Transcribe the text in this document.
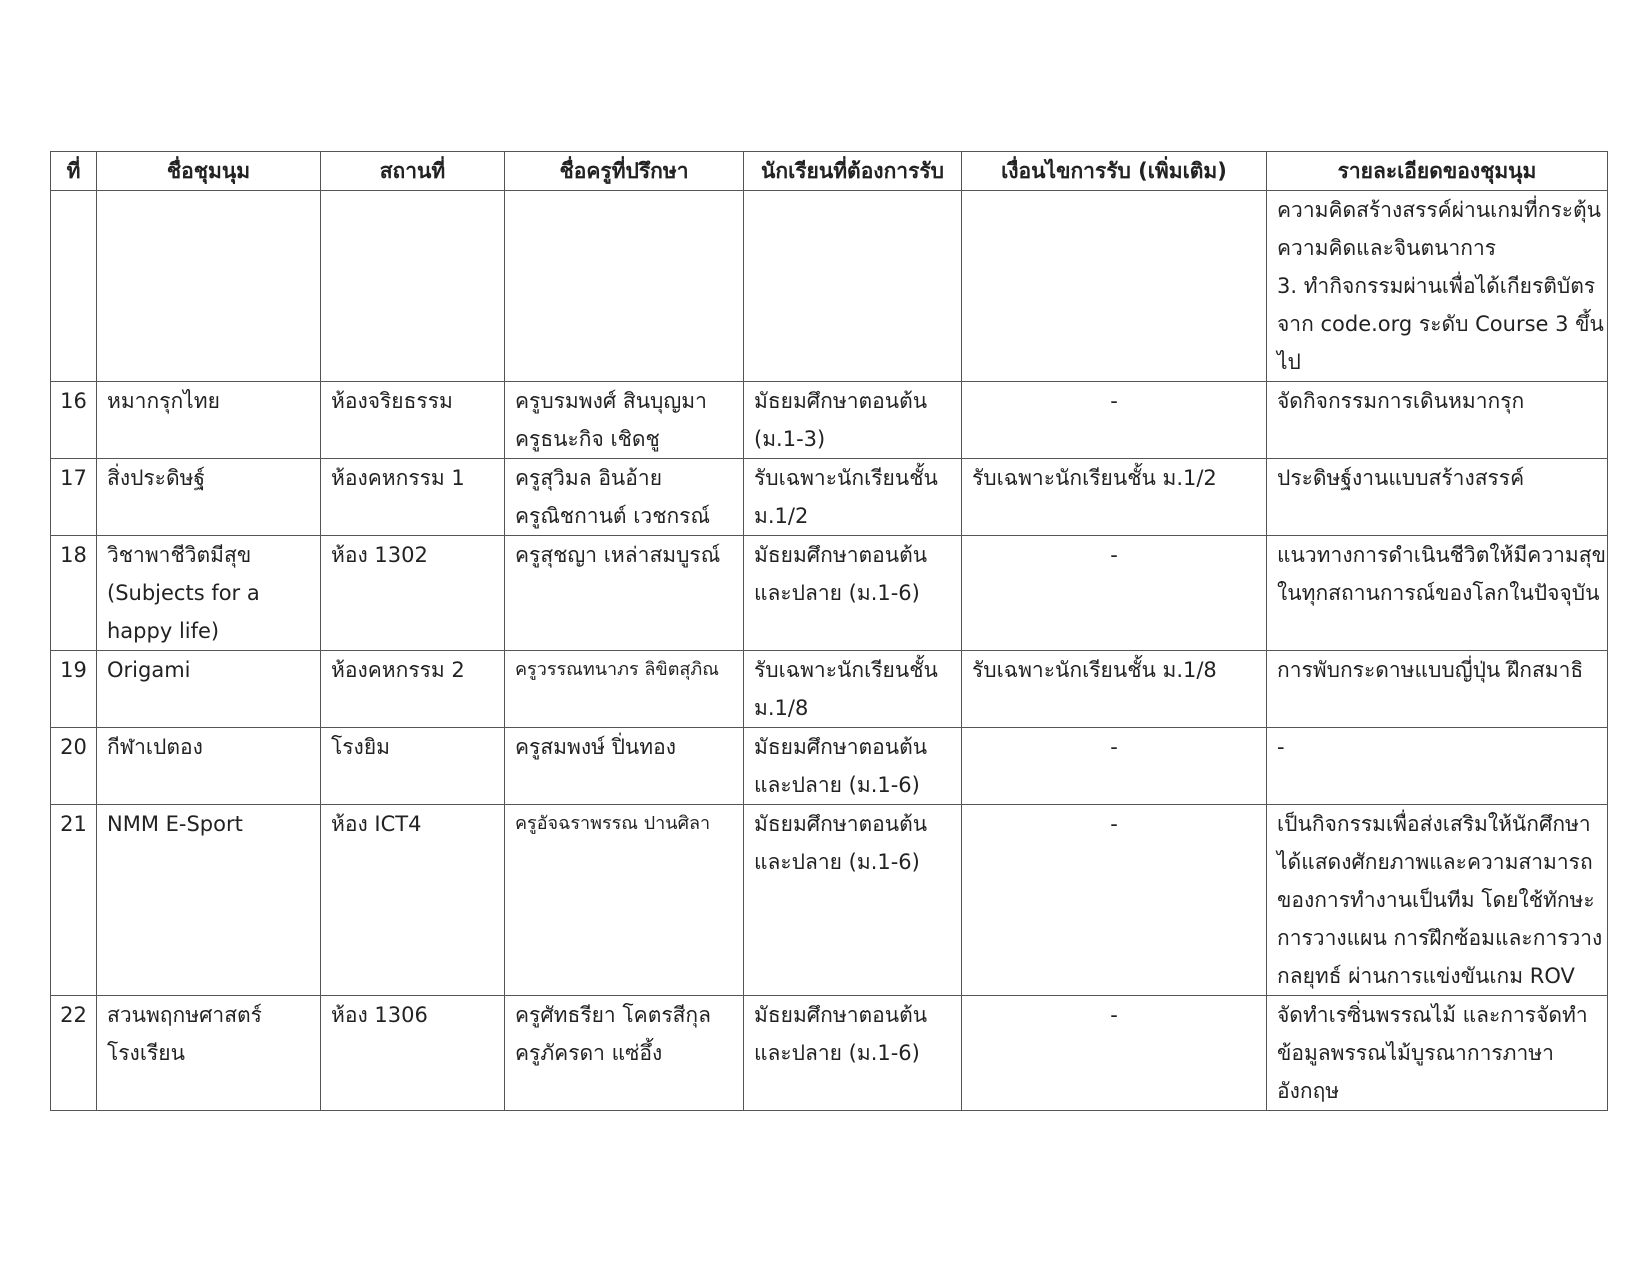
ที่	ชื่อชุมนุม	สถานที่	ชื่อครูที่ปรึกษา	นักเรียนที่ต้องการรับ	เงื่อนไขการรับ (เพิ่มเติม)	รายละเอียดของชุมนุม

						ความคิดสร้างสรรค์ผ่านเกมที่กระตุ้น
ความคิดและจินตนาการ
3. ทำกิจกรรมผ่านเพื่อได้เกียรติบัตร
จาก code.org ระดับ Course 3 ขึ้น
ไป

16	หมากรุกไทย	ห้องจริยธรรม	ครูบรมพงศ์ สินบุญมา
ครูธนะกิจ เชิดชู	มัธยมศึกษาตอนต้น
(ม.1-3)	-	จัดกิจกรรมการเดินหมากรุก

17	สิ่งประดิษฐ์	ห้องคหกรรม 1	ครูสุวิมล อินอ้าย
ครูณิชกานต์ เวชกรณ์	รับเฉพาะนักเรียนชั้น
ม.1/2	รับเฉพาะนักเรียนชั้น ม.1/2	ประดิษฐ์งานแบบสร้างสรรค์

18	วิชาพาชีวิตมีสุข
(Subjects for a
happy life)	ห้อง 1302	ครูสุชญา เหล่าสมบูรณ์	มัธยมศึกษาตอนต้น
และปลาย (ม.1-6)	-	แนวทางการดำเนินชีวิตให้มีความสุข
ในทุกสถานการณ์ของโลกในปัจจุบัน

19	Origami	ห้องคหกรรม 2	ครูวรรณทนาภร ลิขิตสุภิณ	รับเฉพาะนักเรียนชั้น
ม.1/8	รับเฉพาะนักเรียนชั้น ม.1/8	การพับกระดาษแบบญี่ปุ่น ฝึกสมาธิ

20	กีฬาเปตอง	โรงยิม	ครูสมพงษ์ ปิ่นทอง	มัธยมศึกษาตอนต้น
และปลาย (ม.1-6)	-	-

21	NMM E-Sport	ห้อง ICT4	ครูอัจฉราพรรณ ปานศิลา	มัธยมศึกษาตอนต้น
และปลาย (ม.1-6)	-	เป็นกิจกรรมเพื่อส่งเสริมให้นักศึกษา
ได้แสดงศักยภาพและความสามารถ
ของการทำงานเป็นทีม โดยใช้ทักษะ
การวางแผน การฝึกซ้อมและการวาง
กลยุทธ์ ผ่านการแข่งขันเกม ROV

22	สวนพฤกษศาสตร์
โรงเรียน	ห้อง 1306	ครูศัทธรียา โคตรสีกุล
ครูภัครดา แซ่อึ้ง	มัธยมศึกษาตอนต้น
และปลาย (ม.1-6)	-	จัดทำเรซิ่นพรรณไม้ และการจัดทำ
ข้อมูลพรรณไม้บูรณาการภาษา
อังกฤษ
